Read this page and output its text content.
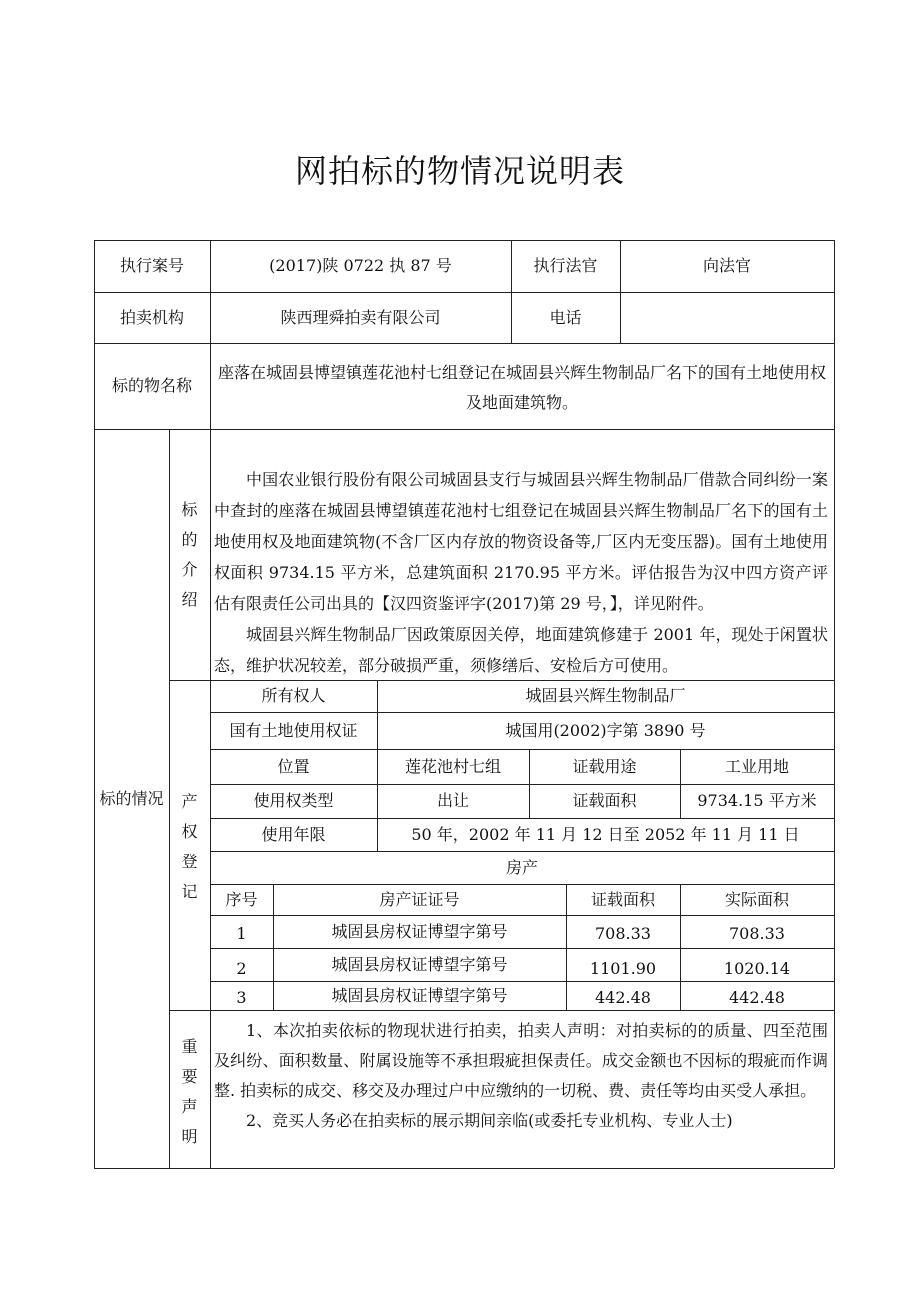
网拍标的物情况说明表
执行案号	(2017)陕 0722 执 87 号	执行法官	向法官
拍卖机构	陕西理舜拍卖有限公司	电话
标的物名称
座落在城固县博望镇莲花池村七组登记在城固县兴辉生物制品厂名下的国有土地使用权及地面建筑物。
标的情况
标
的
介
绍

中国农业银行股份有限公司城固县支行与城固县兴辉生物制品厂借款合同纠纷一案中查封的座落在城固县博望镇莲花池村七组登记在城固县兴辉生物制品厂名下的国有土地使用权及地面建筑物(不含厂区内存放的物资设备等,厂区内无变压器)。国有土地使用权面积 9734.15 平方米，总建筑面积 2170.95 平方米。评估报告为汉中四方资产评估有限责任公司出具的【汉四资鉴评字(2017)第 29 号，】，详见附件。

城固县兴辉生物制品厂因政策原因关停，地面建筑修建于 2001 年，现处于闲置状态，维护状况较差，部分破损严重，须修缮后、安检后方可使用。

产
权
登
记
所有权人	城固县兴辉生物制品厂
国有土地使用权证	城国用(2002)字第 3890 号
位置	莲花池村七组	证载用途	工业用地
使用权类型	出让	证载面积	9734.15 平方米
使用年限	50 年，2002 年 11 月 12 日至 2052 年 11 月 11 日
房产
序号	房产证证号	证载面积	实际面积
1	城固县房权证博望字第号	708.33	708.33
2	城固县房权证博望字第号	1101.90	1020.14
3	城固县房权证博望字第号	442.48	442.48
重
要
声
明

1、本次拍卖依标的物现状进行拍卖，拍卖人声明：对拍卖标的的质量、四至范围及纠纷、面积数量、附属设施等不承担瑕疵担保责任。成交金额也不因标的瑕疵而作调整. 拍卖标的成交、移交及办理过户中应缴纳的一切税、费、责任等均由买受人承担。

2、竞买人务必在拍卖标的展示期间亲临(或委托专业机构、专业人士)
